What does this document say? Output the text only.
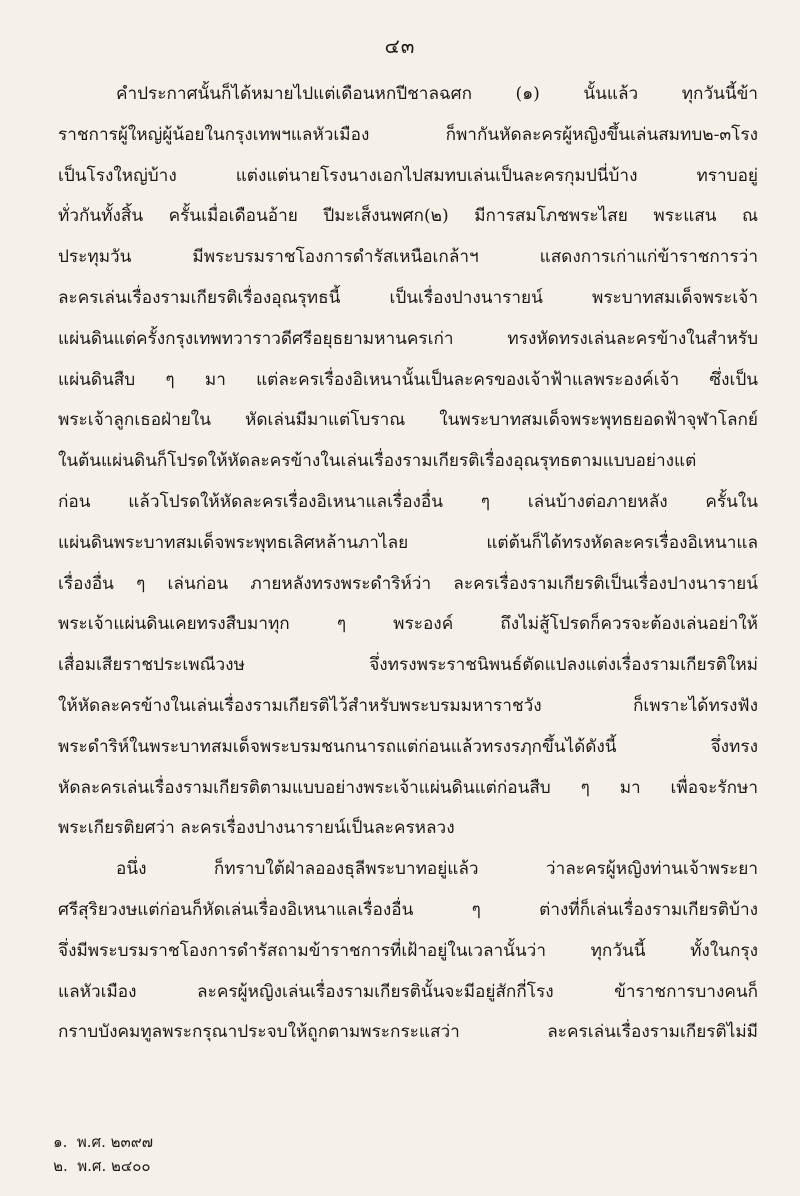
๔๓
คำประกาศนั้นก็ได้หมายไปแต่เดือนหกปีชาลฉศก (๑) นั้นแล้ว ทุกวันนี้ข้า
ราชการผู้ใหญ่ผู้น้อยในกรุงเทพฯแลหัวเมือง ก็พากันหัดละครผู้หญิงขึ้นเล่นสมทบ๒-๓โรง
เป็นโรงใหญ่บ้าง แต่งแต่นายโรงนางเอกไปสมทบเล่นเป็นละครกุมปนี่บ้าง ทราบอยู่
ทั่วกันทั้งสิ้น ครั้นเมื่อเดือนอ้าย ปีมะเส็งนพศก(๒) มีการสมโภชพระไสย พระแสน ณ
ประทุมวัน มีพระบรมราชโองการดำรัสเหนือเกล้าฯ แสดงการเก่าแก่ข้าราชการว่า
ละครเล่นเรื่องรามเกียรติเรื่องอุณรุทธนี้ เป็นเรื่องปางนารายน์ พระบาทสมเด็จพระเจ้า
แผ่นดินแต่ครั้งกรุงเทพทวาราวดีศรีอยุธยามหานครเก่า ทรงหัดทรงเล่นละครข้างในสำหรับ
แผ่นดินสืบ ๆ มา แต่ละครเรื่องอิเหนานั้นเป็นละครของเจ้าฟ้าแลพระองค์เจ้า ซึ่งเป็น
พระเจ้าลูกเธอฝ่ายใน หัดเล่นมีมาแต่โบราณ ในพระบาทสมเด็จพระพุทธยอดฟ้าจุฬาโลกย์
ในต้นแผ่นดินก็โปรดให้หัดละครข้างในเล่นเรื่องรามเกียรติเรื่องอุณรุทธตามแบบอย่างแต่
ก่อน แล้วโปรดให้หัดละครเรื่องอิเหนาแลเรื่องอื่น ๆ เล่นบ้างต่อภายหลัง ครั้นใน
แผ่นดินพระบาทสมเด็จพระพุทธเลิศหล้านภาไลย แต่ต้นก็ได้ทรงหัดละครเรื่องอิเหนาแล
เรื่องอื่น ๆ เล่นก่อน ภายหลังทรงพระดำริห์ว่า ละครเรื่องรามเกียรติเป็นเรื่องปางนารายน์
พระเจ้าแผ่นดินเคยทรงสืบมาทุก ๆ พระองค์ ถึงไม่สู้โปรดก็ควรจะต้องเล่นอย่าให้
เสื่อมเสียราชประเพณีวงษ จึ่งทรงพระราชนิพนธ์ตัดแปลงแต่งเรื่องรามเกียรติใหม่
ให้หัดละครข้างในเล่นเรื่องรามเกียรติไว้สำหรับพระบรมมหาราชวัง ก็เพราะได้ทรงฟัง
พระดำริห์ในพระบาทสมเด็จพระบรมชนกนารถแต่ก่อนแล้วทรงรฦกขึ้นได้ดังนี้ จึ่งทรง
หัดละครเล่นเรื่องรามเกียรติตามแบบอย่างพระเจ้าแผ่นดินแต่ก่อนสืบ ๆ มา เพื่อจะรักษา
พระเกียรติยศว่า ละครเรื่องปางนารายน์เป็นละครหลวง
อนึ่ง ก็ทราบใต้ฝ่าลอองธุลีพระบาทอยู่แล้ว ว่าละครผู้หญิงท่านเจ้าพระยา
ศรีสุริยวงษแต่ก่อนก็หัดเล่นเรื่องอิเหนาแลเรื่องอื่น ๆ ต่างที่ก็เล่นเรื่องรามเกียรติบ้าง
จึ่งมีพระบรมราชโองการดำรัสถามข้าราชการที่เฝ้าอยู่ในเวลานั้นว่า ทุกวันนี้ ทั้งในกรุง
แลหัวเมือง ละครผู้หญิงเล่นเรื่องรามเกียรตินั้นจะมีอยู่สักกี่โรง ข้าราชการบางคนก็
กราบบังคมทูลพระกรุณาประจบให้ถูกตามพระกระแสว่า ละครเล่นเรื่องรามเกียรติไม่มี

๑.  พ.ศ. ๒๓๙๗
๒.  พ.ศ. ๒๔๐๐
